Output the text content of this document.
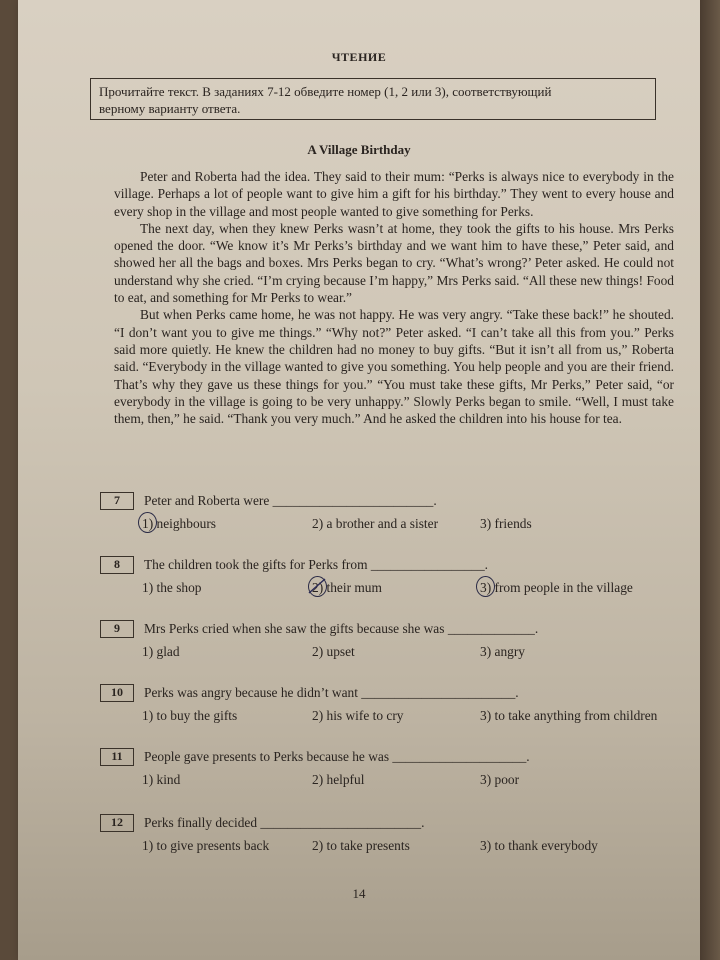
ЧТЕНИЕ
Прочитайте текст. В заданиях 7-12 обведите номер (1, 2 или 3), соответствующий
верному варианту ответа.
A Village Birthday

Peter and Roberta had the idea. They said to their mum: “Perks is always nice to everybody in the village. Perhaps a lot of people want to give him a gift for his birthday.” They went to every house and every shop in the village and most people wanted to give something for Perks.

The next day, when they knew Perks wasn’t at home, they took the gifts to his house. Mrs Perks opened the door. “We know it’s Mr Perks’s birthday and we want him to have these,” Peter said, and showed her all the bags and boxes. Mrs Perks began to cry. “What’s wrong?’ Peter asked. He could not understand why she cried. “I’m crying because I’m happy,” Mrs Perks said. “All these new things! Food to eat, and something for Mr Perks to wear.”

But when Perks came home, he was not happy. He was very angry. “Take these back!” he shouted. “I don’t want you to give me things.” “Why not?” Peter asked. “I can’t take all this from you.” Perks said more quietly. He knew the children had no money to buy gifts. “But it isn’t all from us,” Roberta said. “Everybody in the village wanted to give you something. You help people and you are their friend. That’s why they gave us these things for you.” “You must take these gifts, Mr Perks,” Peter said, “or everybody in the village is going to be very unhappy.” Slowly Perks began to smile. “Well, I must take them, then,” he said. “Thank you very much.” And he asked the children into his house for tea.

7	Peter and Roberta were ________________________.
1) neighbours	2) a brother and a sister	3) friends
8	The children took the gifts for Perks from _________________.
1) the shop	2) their mum	3) from people in the village
9	Mrs Perks cried when she saw the gifts because she was _____________.
1) glad	2) upset	3) angry
10	Perks was angry because he didn’t want _______________________.
1) to buy the gifts	2) his wife to cry	3) to take anything from children
11	People gave presents to Perks because he was ____________________.
1) kind	2) helpful	3) poor
12	Perks finally decided ________________________.
1) to give presents back	2) to take presents	3) to thank everybody
14
